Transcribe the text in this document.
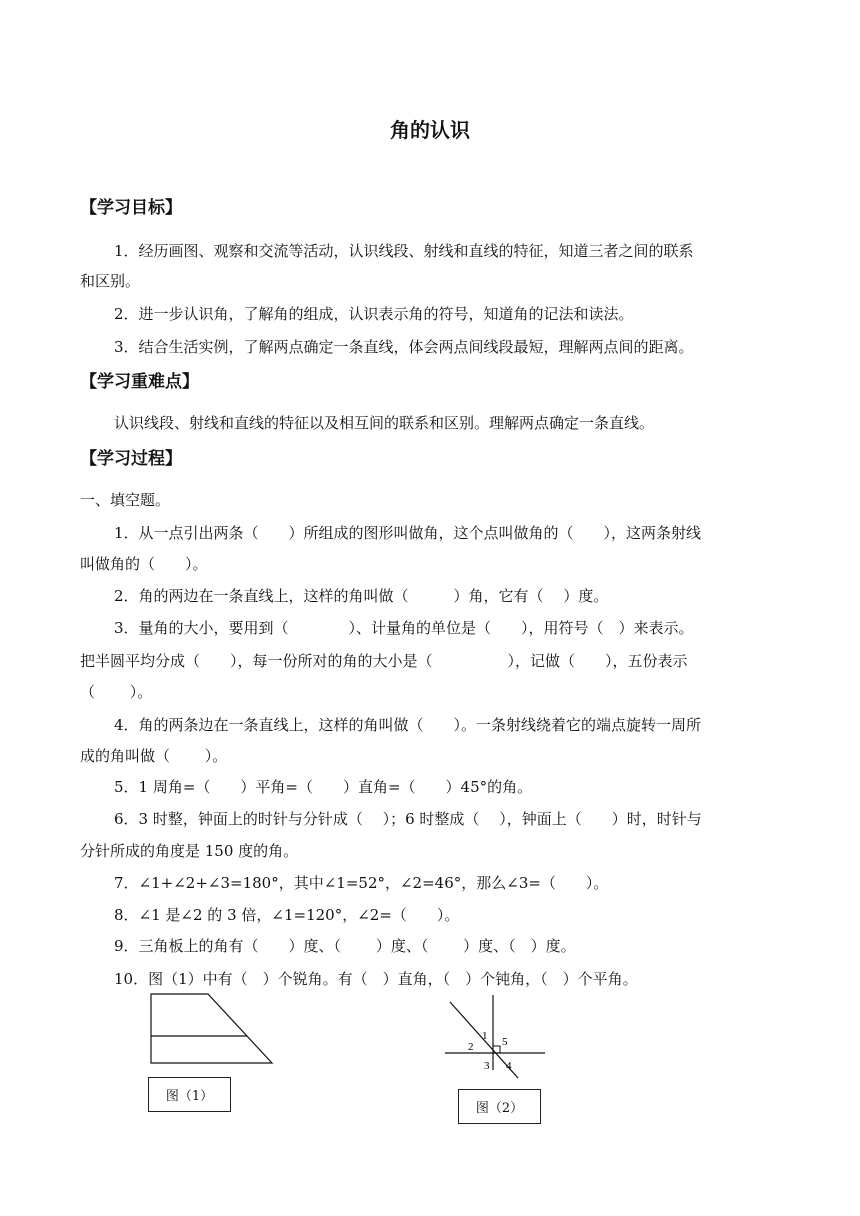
角的认识
【学习目标】
1．经历画图、观察和交流等活动，认识线段、射线和直线的特征，知道三者之间的联系
和区别。
2．进一步认识角，了解角的组成，认识表示角的符号，知道角的记法和读法。
3．结合生活实例，了解两点确定一条直线，体会两点间线段最短，理解两点间的距离。
【学习重难点】
认识线段、射线和直线的特征以及相互间的联系和区别。理解两点确定一条直线。
【学习过程】
一、填空题。
1．从一点引出两条（　　）所组成的图形叫做角，这个点叫做角的（　　），这两条射线
叫做角的（　　）。
2．角的两边在一条直线上，这样的角叫做（　　　）角，它有（　 ）度。
3．量角的大小，要用到（　　　　）、计量角的单位是（　　），用符号（　）来表示。
把半圆平均分成（　　），每一份所对的角的大小是（　　　　　），记做（　　），五份表示
（　　 ）。
4．角的两条边在一条直线上，这样的角叫做（　　）。一条射线绕着它的端点旋转一周所
成的角叫做（　　 ）。
5．1 周角=（　　）平角=（　　）直角=（　　）45°的角。
6．3 时整，钟面上的时针与分针成（　 ）；6 时整成（　 ），钟面上（　　）时，时针与
分针所成的角度是 150 度的角。
7．∠1+∠2+∠3=180°，其中∠1=52°，∠2=46°，那么∠3=（　　）。
8．∠1 是∠2 的 3 倍，∠1=120°，∠2=（　　）。
9．三角板上的角有（　　）度、（　　 ）度、（　　 ）度、（　）度。
10．图（1）中有（　）个锐角。有（　）直角，（　）个钝角，（　）个平角。
图（1）
1
2
3 4
5
图（2）
